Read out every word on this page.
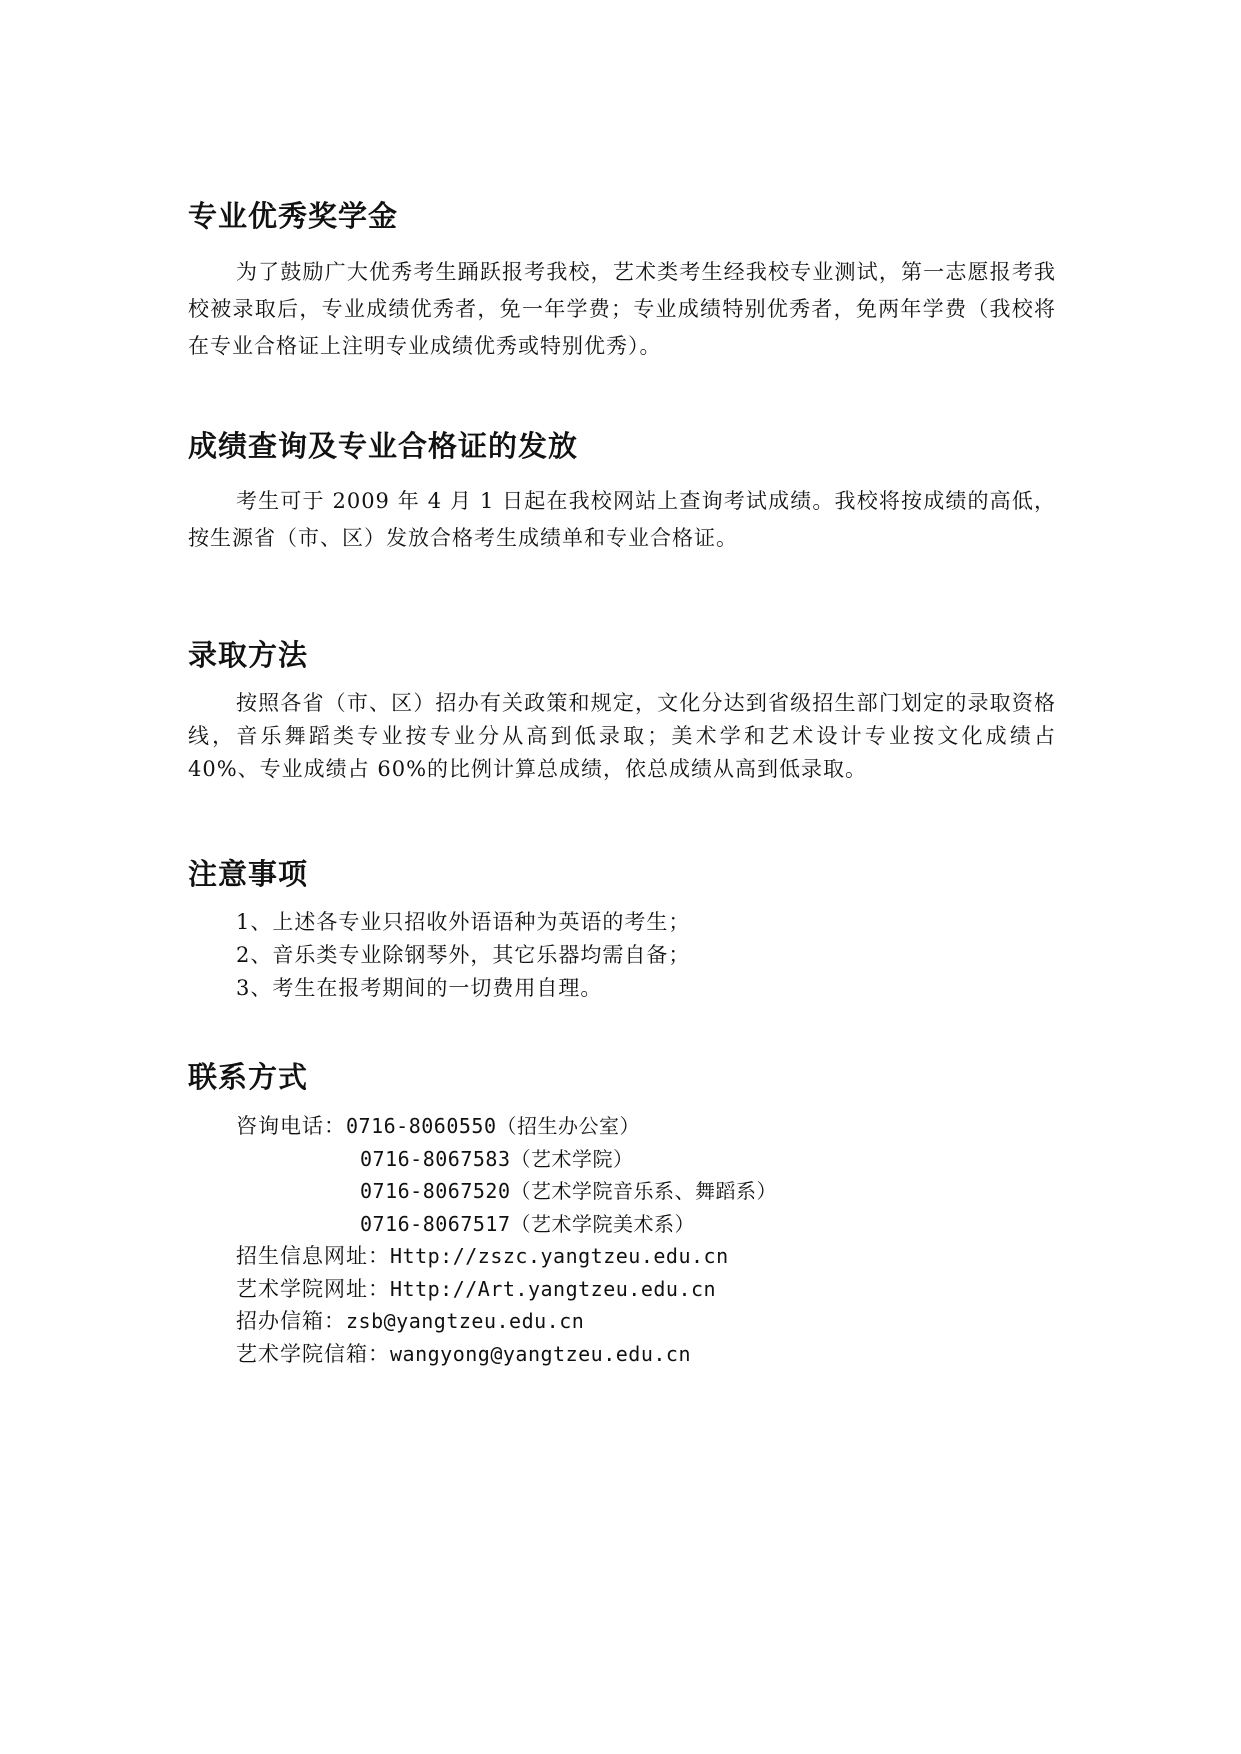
专业优秀奖学金

为了鼓励广大优秀考生踊跃报考我校，艺术类考生经我校专业测试，第一志愿报考我校被录取后，专业成绩优秀者，免一年学费；专业成绩特别优秀者，免两年学费（我校将在专业合格证上注明专业成绩优秀或特别优秀）。

成绩查询及专业合格证的发放

考生可于 2009 年 4 月 1 日起在我校网站上查询考试成绩。我校将按成绩的高低，按生源省（市、区）发放合格考生成绩单和专业合格证。

录取方法

按照各省（市、区）招办有关政策和规定，文化分达到省级招生部门划定的录取资格线，音乐舞蹈类专业按专业分从高到低录取；美术学和艺术设计专业按文化成绩占 40%、专业成绩占 60%的比例计算总成绩，依总成绩从高到低录取。

注意事项
1、上述各专业只招收外语语种为英语的考生；
2、音乐类专业除钢琴外，其它乐器均需自备；
3、考生在报考期间的一切费用自理。
联系方式
咨询电话：0716-8060550（招生办公室）
0716-8067583（艺术学院）
0716-8067520（艺术学院音乐系、舞蹈系）
0716-8067517（艺术学院美术系）
招生信息网址：Http://zszc.yangtzeu.edu.cn
艺术学院网址：Http://Art.yangtzeu.edu.cn
招办信箱：zsb@yangtzeu.edu.cn
艺术学院信箱：wangyong@yangtzeu.edu.cn
